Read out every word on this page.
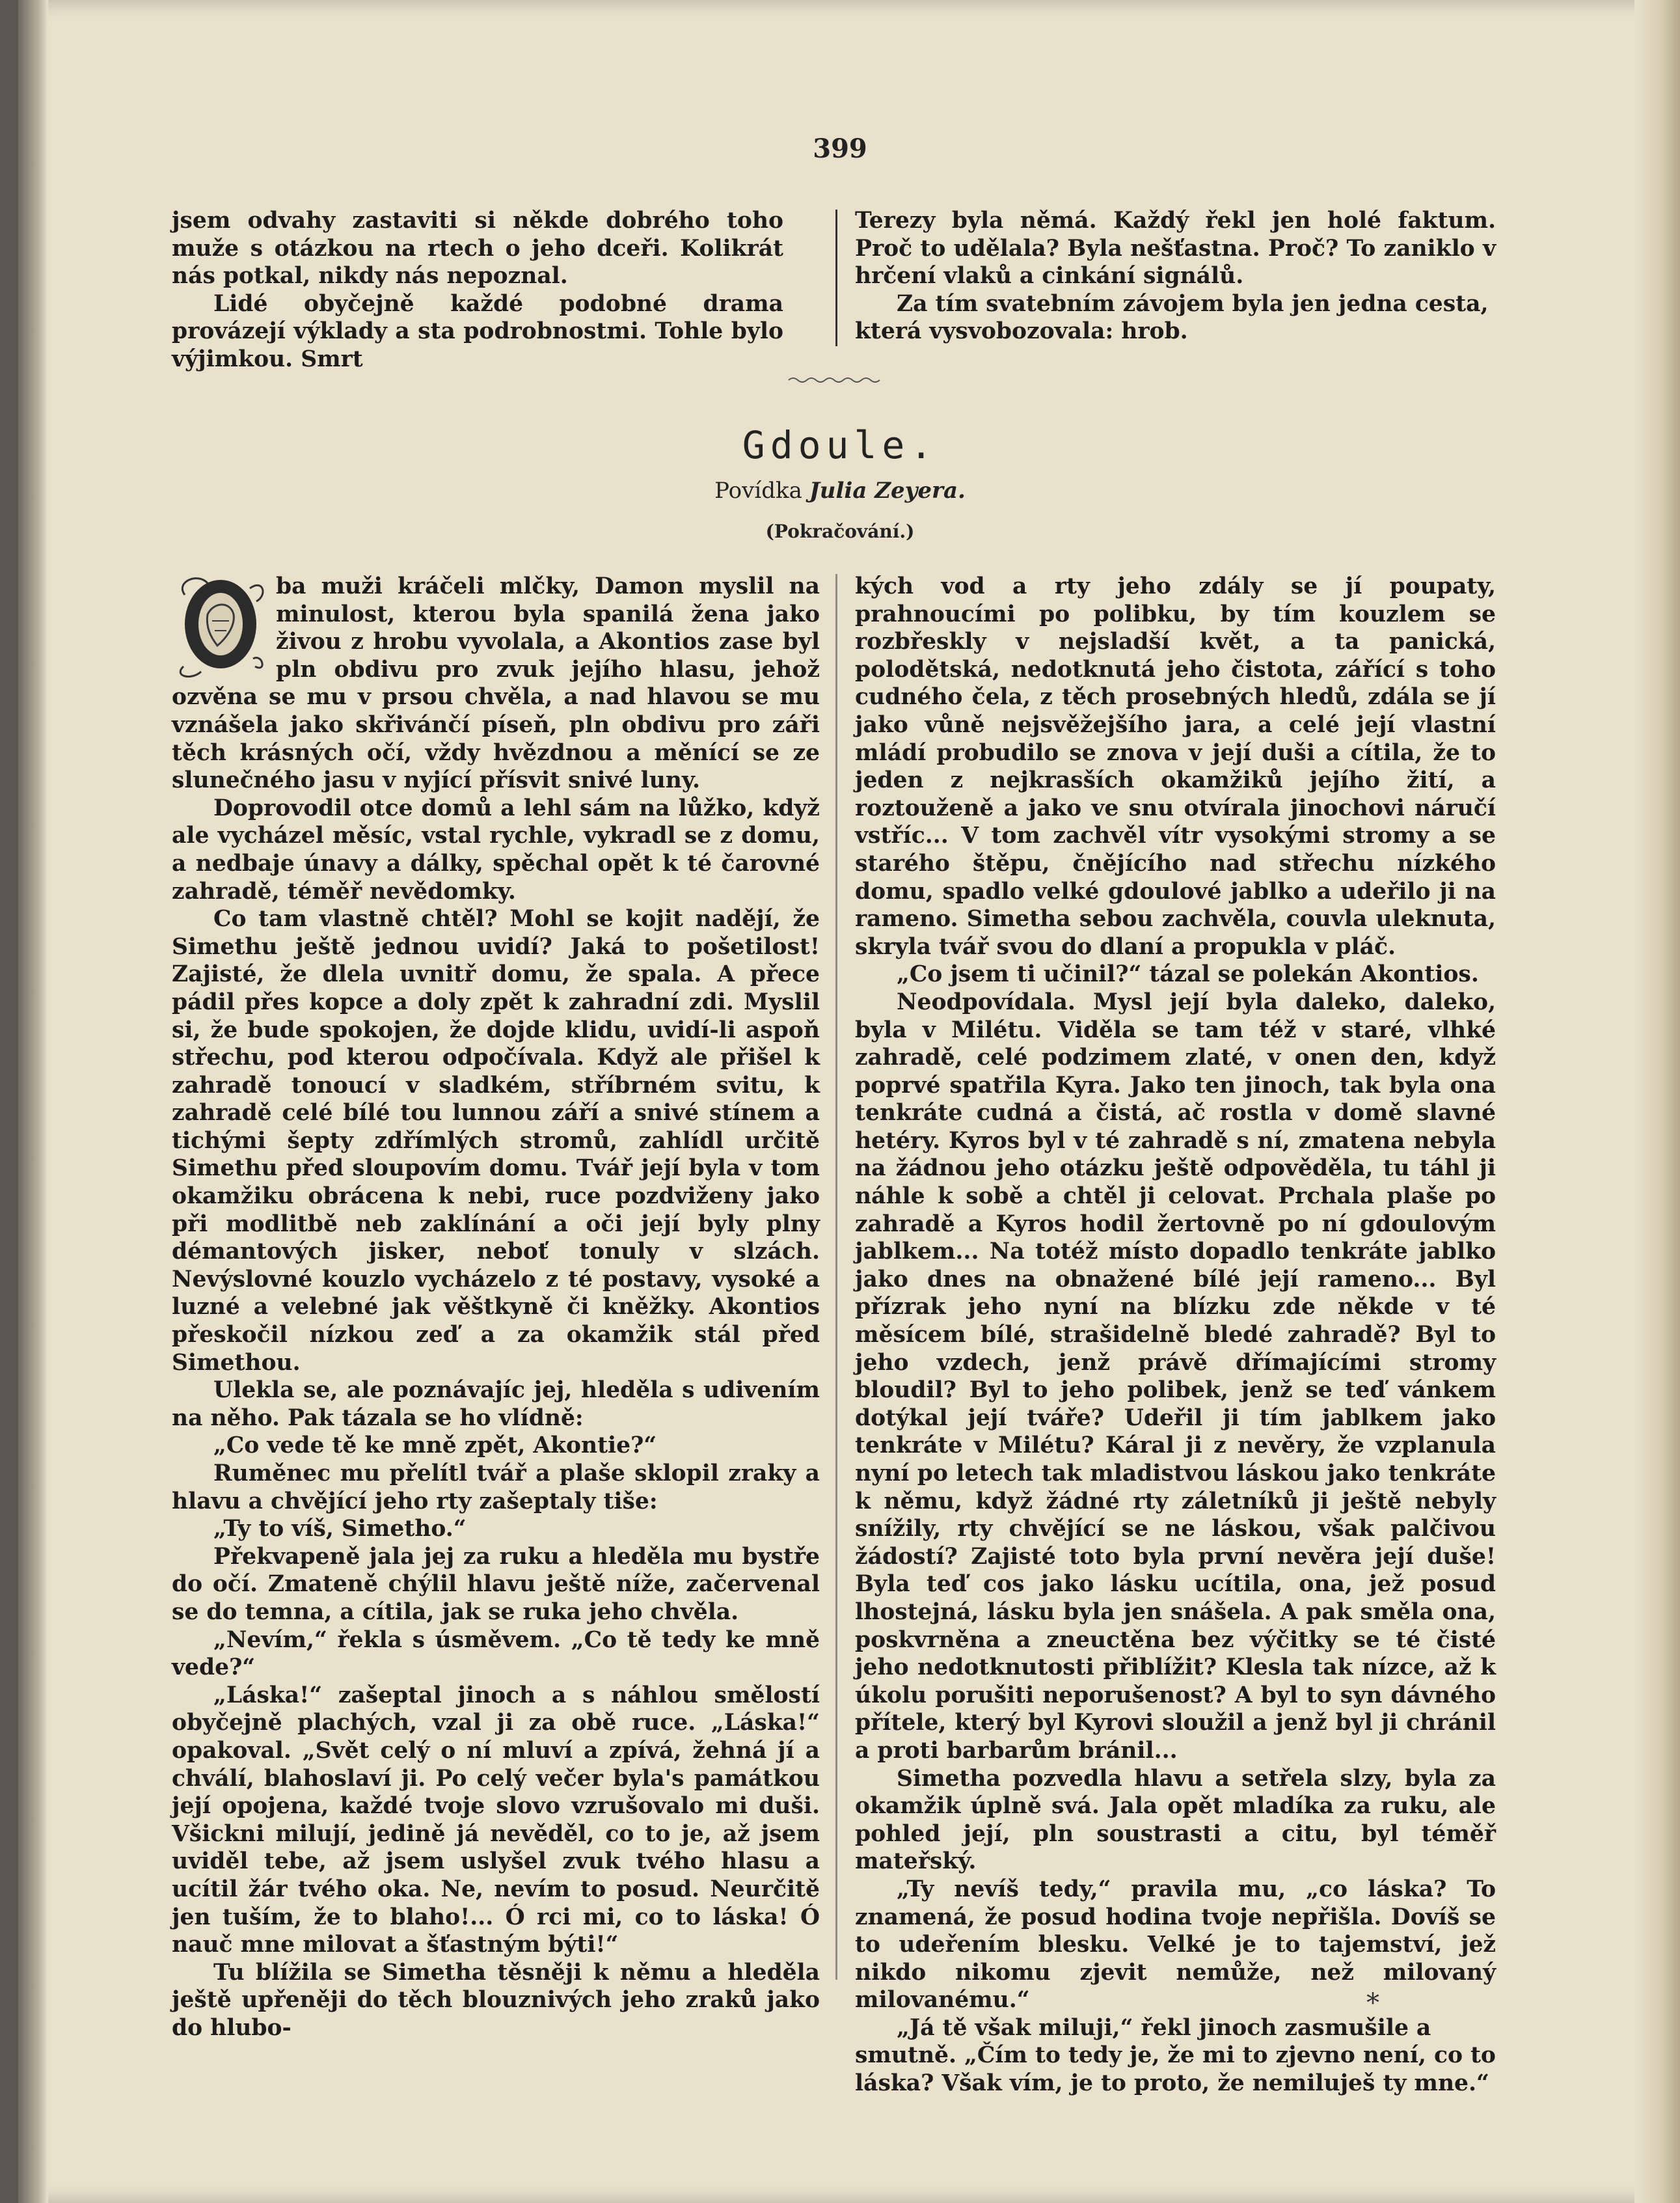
399

jsem odvahy zastaviti si někde dobrého toho muže s otázkou na rtech o jeho dceři. Kolikrát nás potkal, nikdy nás nepoznal.

Lidé obyčejně každé podobné drama provázejí výklady a sta podrobnostmi. Tohle bylo výjimkou. Smrt

Terezy byla němá. Každý řekl jen holé faktum. Proč to udělala? Byla nešťastna. Proč? To zaniklo v hrčení vlaků a cinkání signálů.

Za tím svatebním závojem byla jen jedna cesta, která vysvobozovala: hrob.

Gdoule.
Povídka Julia Zeyera.
(Pokračování.)

ba muži kráčeli mlčky, Damon myslil na minulost, kterou byla spanilá žena jako živou z hrobu vyvolala, a Akontios zase byl pln obdivu pro zvuk jejího hlasu, jehož ozvěna se mu v prsou chvěla, a nad hlavou se mu vznášela jako skřivánčí píseň, pln obdivu pro záři těch krásných očí, vždy hvězdnou a měnící se ze slunečného jasu v nyjící přísvit snivé luny.

Doprovodil otce domů a lehl sám na lůžko, když ale vycházel měsíc, vstal rychle, vykradl se z domu, a nedbaje únavy a dálky, spěchal opět k té čarovné zahradě, téměř nevědomky.

Co tam vlastně chtěl? Mohl se kojit nadějí, že Simethu ještě jednou uvidí? Jaká to pošetilost! Zajisté, že dlela uvnitř domu, že spala. A přece pádil přes kopce a doly zpět k zahradní zdi. Myslil si, že bude spokojen, že dojde klidu, uvidí-li aspoň střechu, pod kterou odpočívala. Když ale přišel k zahradě tonoucí v sladkém, stříbrném svitu, k zahradě celé bílé tou lunnou září a snivé stínem a tichými šepty zdřímlých stromů, zahlídl určitě Simethu před sloupovím domu. Tvář její byla v tom okamžiku obrácena k nebi, ruce pozdviženy jako při modlitbě neb zaklínání a oči její byly plny démantových jisker, neboť tonuly v slzách. Nevýslovné kouzlo vycházelo z té postavy, vysoké a luzné a velebné jak věštkyně či kněžky. Akontios přeskočil nízkou zeď a za okamžik stál před Simethou.

Ulekla se, ale poznávajíc jej, hleděla s udivením na něho. Pak tázala se ho vlídně:

„Co vede tě ke mně zpět, Akontie?“

Ruměnec mu přelítl tvář a plaše sklopil zraky a hlavu a chvějící jeho rty zašeptaly tiše:

„Ty to víš, Simetho.“

Překvapeně jala jej za ruku a hleděla mu bystře do očí. Zmateně chýlil hlavu ještě níže, začervenal se do temna, a cítila, jak se ruka jeho chvěla.

„Nevím,“ řekla s úsměvem. „Co tě tedy ke mně vede?“

„Láska!“ zašeptal jinoch a s náhlou smělostí obyčejně plachých, vzal ji za obě ruce. „Láska!“ opakoval. „Svět celý o ní mluví a zpívá, žehná jí a chválí, blahoslaví ji. Po celý večer byla's památkou její opojena, každé tvoje slovo vzrušovalo mi duši. Všickni milují, jedině já nevěděl, co to je, až jsem uviděl tebe, až jsem uslyšel zvuk tvého hlasu a ucítil žár tvého oka. Ne, nevím to posud. Neurčitě jen tuším, že to blaho!... Ó rci mi, co to láska! Ó nauč mne milovat a šťastným býti!“

Tu blížila se Simetha těsněji k němu a hleděla ještě upřeněji do těch blouznivých jeho zraků jako do hlubo-

kých vod a rty jeho zdály se jí poupaty, prahnoucími po polibku, by tím kouzlem se rozbřeskly v nejsladší květ, a ta panická, polodětská, nedotknutá jeho čistota, zářící s toho cudného čela, z těch prosebných hledů, zdála se jí jako vůně nejsvěžejšího jara, a celé její vlastní mládí probudilo se znova v její duši a cítila, že to jeden z nejkrasších okamžiků jejího žití, a roztouženě a jako ve snu otvírala jinochovi náručí vstříc... V tom zachvěl vítr vysokými stromy a se starého štěpu, čnějícího nad střechu nízkého domu, spadlo velké gdoulové jablko a udeřilo ji na rameno. Simetha sebou zachvěla, couvla uleknuta, skryla tvář svou do dlaní a propukla v pláč.

„Co jsem ti učinil?“ tázal se polekán Akontios.

Neodpovídala. Mysl její byla daleko, daleko, byla v Milétu. Viděla se tam též v staré, vlhké zahradě, celé podzimem zlaté, v onen den, když poprvé spatřila Kyra. Jako ten jinoch, tak byla ona tenkráte cudná a čistá, ač rostla v domě slavné hetéry. Kyros byl v té zahradě s ní, zmatena nebyla na žádnou jeho otázku ještě odpověděla, tu táhl ji náhle k sobě a chtěl ji celovat. Prchala plaše po zahradě a Kyros hodil žertovně po ní gdoulovým jablkem... Na totéž místo dopadlo tenkráte jablko jako dnes na obnažené bílé její rameno... Byl přízrak jeho nyní na blízku zde někde v té měsícem bílé, strašidelně bledé zahradě? Byl to jeho vzdech, jenž právě dřímajícími stromy bloudil? Byl to jeho polibek, jenž se teď vánkem dotýkal její tváře? Udeřil ji tím jablkem jako tenkráte v Milétu? Káral ji z nevěry, že vzplanula nyní po letech tak mladistvou láskou jako tenkráte k němu, když žádné rty záletníků ji ještě nebyly snížily, rty chvějící se ne láskou, však palčivou žádostí? Zajisté toto byla první nevěra její duše! Byla teď cos jako lásku ucítila, ona, jež posud lhostejná, lásku byla jen snášela. A pak směla ona, poskvrněna a zneuctěna bez výčitky se té čisté jeho nedotknutosti přiblížit? Klesla tak nízce, až k úkolu porušiti neporušenost? A byl to syn dávného přítele, který byl Kyrovi sloužil a jenž byl ji chránil a proti barbarům bránil...

Simetha pozvedla hlavu a setřela slzy, byla za okamžik úplně svá. Jala opět mladíka za ruku, ale pohled její, pln soustrasti a citu, byl téměř mateřský.

„Ty nevíš tedy,“ pravila mu, „co láska? To znamená, že posud hodina tvoje nepřišla. Dovíš se to udeřením blesku. Velké je to tajemství, jež nikdo nikomu zjevit nemůže, než milovaný milovanému.“

„Já tě však miluji,“ řekl jinoch zasmušile a smutně. „Čím to tedy je, že mi to zjevno není, co to láska? Však vím, je to proto, že nemiluješ ty mne.“

*
